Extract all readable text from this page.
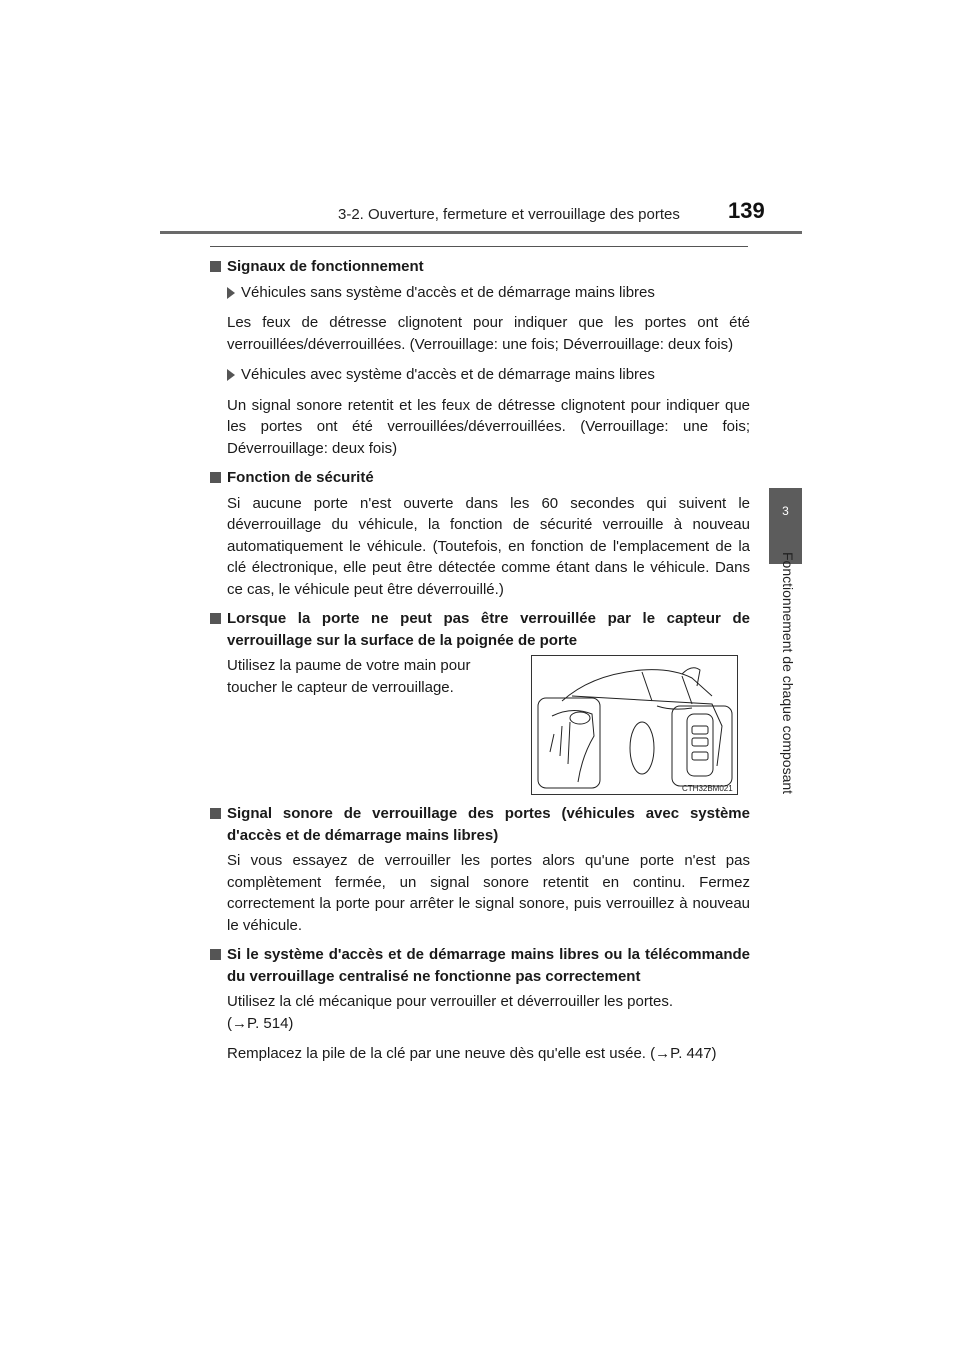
3-2. Ouverture, fermeture et verrouillage des portes 139
3
Fonctionnement de chaque composant
Signaux de fonctionnement
Véhicules sans système d'accès et de démarrage mains libres
Les feux de détresse clignotent pour indiquer que les portes ont été verrouillées/déverrouillées. (Verrouillage: une fois; Déverrouillage: deux fois)
Véhicules avec système d'accès et de démarrage mains libres
Un signal sonore retentit et les feux de détresse clignotent pour indiquer que les portes ont été verrouillées/déverrouillées. (Verrouillage: une fois; Déverrouillage: deux fois)
Fonction de sécurité
Si aucune porte n'est ouverte dans les 60 secondes qui suivent le déverrouillage du véhicule, la fonction de sécurité verrouille à nouveau automatiquement le véhicule. (Toutefois, en fonction de l'emplacement de la clé électronique, elle peut être détectée comme étant dans le véhicule. Dans ce cas, le véhicule peut être déverrouillé.)
Lorsque la porte ne peut pas être verrouillée par le capteur de verrouillage sur la surface de la poignée de porte
Utilisez la paume de votre main pour toucher le capteur de verrouillage.
CTH32BM021
Signal sonore de verrouillage des portes (véhicules avec système d'accès et de démarrage mains libres)
Si vous essayez de verrouiller les portes alors qu'une porte n'est pas complètement fermée, un signal sonore retentit en continu. Fermez correctement la porte pour arrêter le signal sonore, puis verrouillez à nouveau le véhicule.
Si le système d'accès et de démarrage mains libres ou la télécommande du verrouillage centralisé ne fonctionne pas correctement
Utilisez la clé mécanique pour verrouiller et déverrouiller les portes.
(→P. 514)
Remplacez la pile de la clé par une neuve dès qu'elle est usée. (→P. 447)
